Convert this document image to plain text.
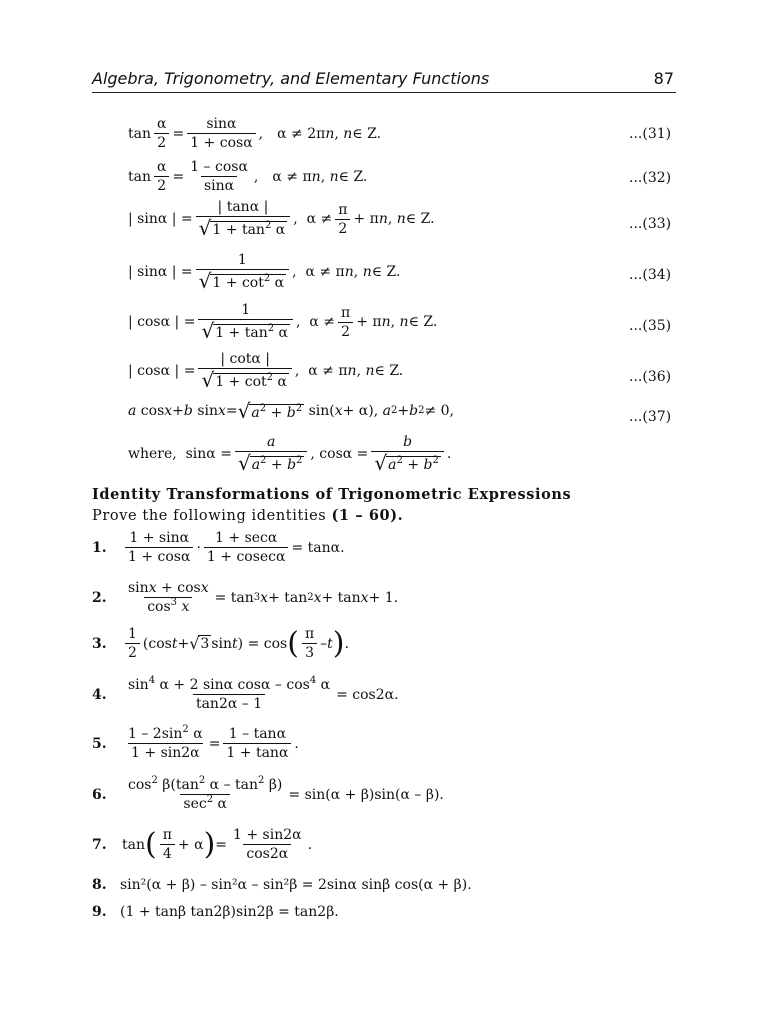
Algebra, Trigonometry, and Elementary Functions	87
$\tan \frac{\alpha}{2} = \frac{\sin\alpha}{1 + \cos\alpha}$ , α ≠ 2π n , n ∈ Z.	...(31)
$\tan \frac{\alpha}{2} = \frac{1 - \cos\alpha}{\sin\alpha}$ , α ≠ π n , n ∈ Z.	...(32)
| sinα | = $\frac{| \tan\alpha |}{√ 1 + \tan^2 \alpha}$ ,  $\alpha \ne \frac{\pi}{2} + \pi$ n , n ∈ Z.	...(33)
| sinα | = $\frac{1}{√ 1 + \cot^2 \alpha}$ ,  α ≠ π n , n ∈ Z.	...(34)
| cosα | = $\frac{1}{√ 1 + \tan^2 \alpha}$ ,  $\alpha \ne \frac{\pi}{2} + \pi$ n , n ∈ Z.	...(35)
| cosα | = $\frac{| \cot\alpha |}{√ 1 + \cot^2 \alpha}$ ,  α ≠ π n , n ∈ Z.	...(36)
a cos x + b sin x = √ $a^2 + b^2$ sin( x + α), a 2 + b 2 ≠ 0,	...(37)
where, $\sin\alpha = \frac{a}{√ a^2 + b^2}$ , $\cos\alpha = \frac{b}{√ a^2 + b^2}$ .
Identity Transformations of Trigonometric Expressions
Prove the following identities (1 – 60).
1.	$\frac{1 + \sin\alpha}{1 + \cos\alpha} \cdot \frac{1 + \sec\alpha}{1 + cosec\alpha} = \tan\alpha$.
2.	$\frac{\sin x + \cos x}{\cos^3 x} = \tan 3$ x + tan 2 x + tan x + 1.
3.	$\frac{1}{2} (\cos$ t + √ 3 sin t ) = cos ( $\frac{\pi}{3}$ – t ) .
4.	$\frac{\sin^4 \alpha + 2 \sin\alpha \cos\alpha - \cos^4 \alpha}{\tan 2\alpha - 1} = \cos 2\alpha$.
5.	$\frac{1 - 2\sin^2 \alpha}{1 + \sin 2\alpha} = \frac{1 - \tan\alpha}{1 + \tan\alpha}$ .
6.	$\frac{\cos^2 \beta(\tan^2 \alpha - \tan^2 \beta)}{\sec^2 \alpha} = \sin(\alpha + \beta)\sin(\alpha - \beta)$.
7.	tan ( $\frac{\pi}{4} + \alpha$ ) = $\frac{1 + \sin 2\alpha}{\cos 2\alpha}$ .
8. sin²(α + β) – sin²α – sin²β = 2sinα sinβ cos(α + β).
9. (1 + tanβ tan2β)sin2β = tan2β.
